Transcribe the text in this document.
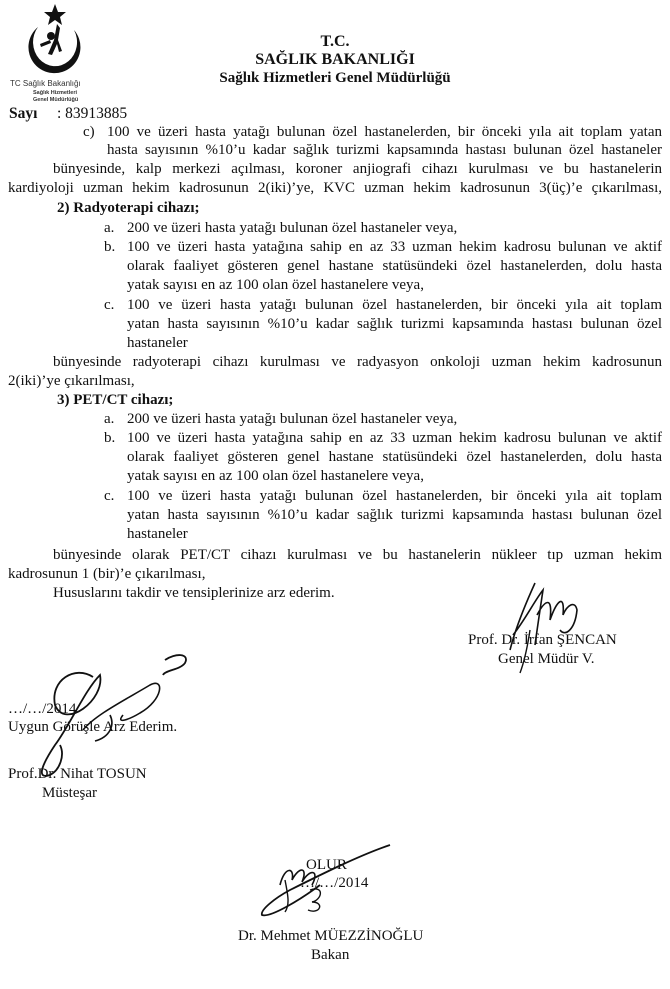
TC Sağlık Bakanlığı
Sağlık Hizmetleri
Genel Müdürlüğü
T.C.
SAĞLIK BAKANLIĞI
Sağlık Hizmetleri Genel Müdürlüğü
Sayı : 83913885
c) 100 ve üzeri hasta yatağı bulunan özel hastanelerden, bir önceki yıla ait toplam yatan
hasta sayısının %10’u kadar sağlık turizmi kapsamında hastası bulunan özel hastaneler
bünyesinde, kalp merkezi açılması, koroner anjiografi cihazı kurulması ve bu hastanelerin
kardiyoloji uzman hekim kadrosunun 2(iki)’ye, KVC uzman hekim kadrosunun 3(üç)’e çıkarılması,
2) Radyoterapi cihazı;
a. 200 ve üzeri hasta yatağı bulunan özel hastaneler veya,
b. 100 ve üzeri hasta yatağına sahip en az 33 uzman hekim kadrosu bulunan ve aktif
olarak faaliyet gösteren genel hastane statüsündeki özel hastanelerden, dolu hasta
yatak sayısı en az 100 olan özel hastanelere veya,
c. 100 ve üzeri hasta yatağı bulunan özel hastanelerden, bir önceki yıla ait toplam
yatan hasta sayısının %10’u kadar sağlık turizmi kapsamında hastası bulunan özel
hastaneler
bünyesinde radyoterapi cihazı kurulması ve radyasyon onkoloji uzman hekim kadrosunun
2(iki)’ye çıkarılması,
3) PET/CT cihazı;
a. 200 ve üzeri hasta yatağı bulunan özel hastaneler veya,
b. 100 ve üzeri hasta yatağına sahip en az 33 uzman hekim kadrosu bulunan ve aktif
olarak faaliyet gösteren genel hastane statüsündeki özel hastanelerden, dolu hasta
yatak sayısı en az 100 olan özel hastanelere veya,
c. 100 ve üzeri hasta yatağı bulunan özel hastanelerden, bir önceki yıla ait toplam
yatan hasta sayısının %10’u kadar sağlık turizmi kapsamında hastası bulunan özel
hastaneler
bünyesinde olarak PET/CT cihazı kurulması ve bu hastanelerin nükleer tıp uzman hekim
kadrosunun 1 (bir)’e çıkarılması,
Hususlarını takdir ve tensiplerinize arz ederim.
Prof. Dr. İrfan ŞENCAN
Genel Müdür V.
…/…/2014
Uygun Görüşle Arz Ederim.
Prof.Dr. Nihat TOSUN
Müsteşar
OLUR
…/…/2014
Dr. Mehmet MÜEZZİNOĞLU
Bakan
